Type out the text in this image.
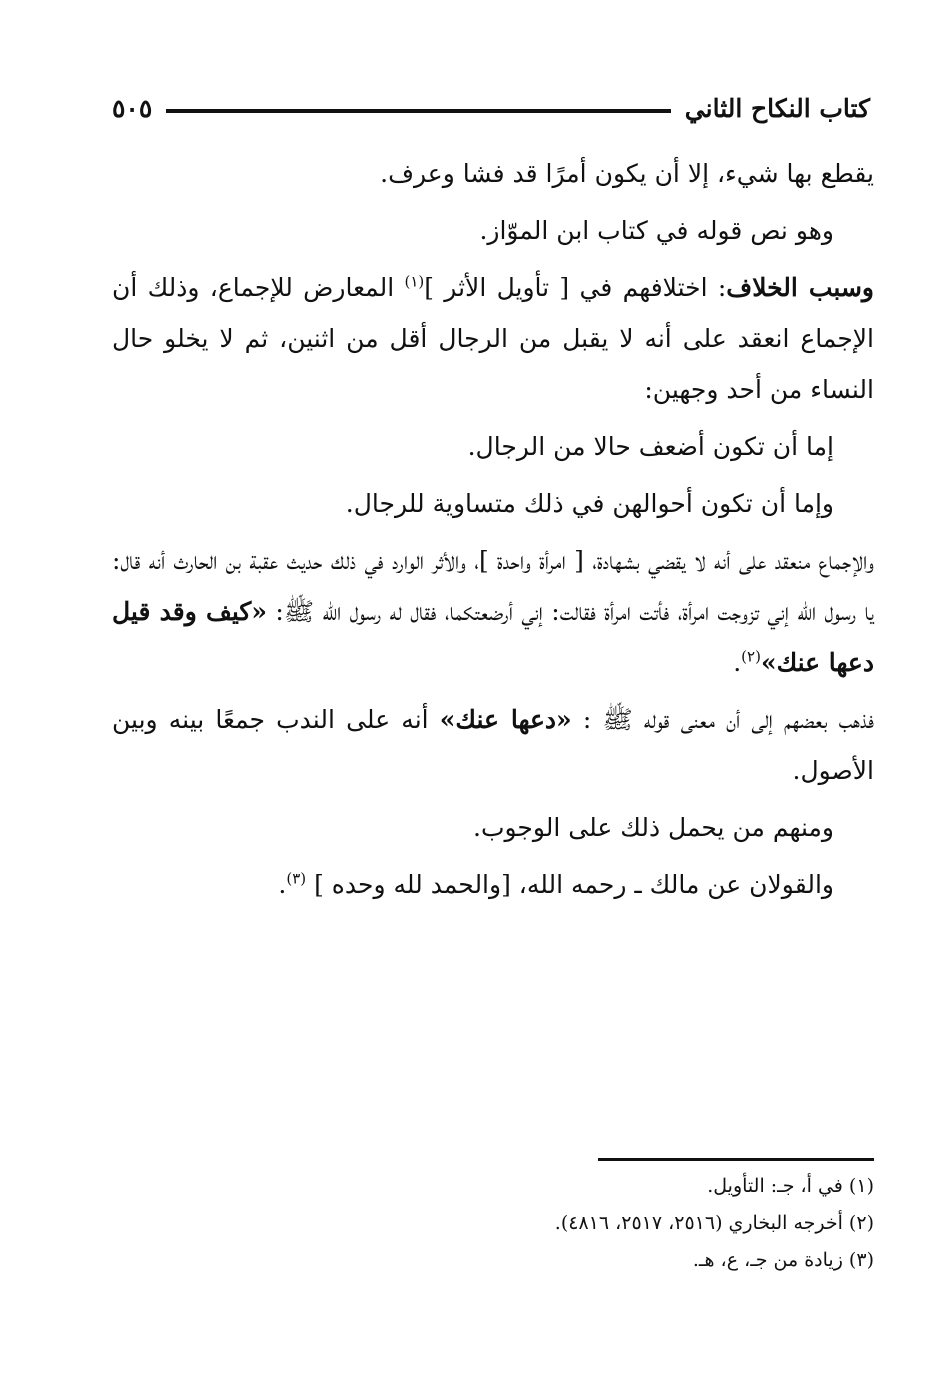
كتاب النكاح الثاني
٥٠٥

يقطع بها شيء، إلا أن يكون أمرًا قد فشا وعرف.

وهو نص قوله في كتاب ابن الموّاز.

وسبب الخلاف: اختلافهم في [ تأويل الأثر ]$^{(١)}$ المعارض للإجماع، وذلك أن الإجماع انعقد على أنه لا يقبل من الرجال أقل من اثنين، ثم لا يخلو حال النساء من أحد وجهين:

إما أن تكون أضعف حالا من الرجال.

وإما أن تكون أحوالهن في ذلك متساوية للرجال.

والإجماع منعقد على أنه لا يقضي بشهادة، [ امرأة واحدة ]، والأثر الوارد في ذلك حديث عقبة بن الحارث أنه قال: يا رسول الله إني تزوجت امرأة، فأتت امرأة فقالت: إني أرضعتكما، فقال له رسول الله ﷺ: «كيف وقد قيل دعها عنك»$^{(٢)}$.

فذهب بعضهم إلى أن معنى قوله ﷺ : «دعها عنك» أنه على الندب جمعًا بينه وبين الأصول.

ومنهم من يحمل ذلك على الوجوب.

والقولان عن مالك ـ رحمه الله، [والحمد لله وحده ] $^{(٣)}$.

(١) في أ، جـ: التأويل.

(٢) أخرجه البخاري (٢٥١٦، ٢٥١٧، ٤٨١٦).

(٣) زيادة من جـ، ع، هـ.
